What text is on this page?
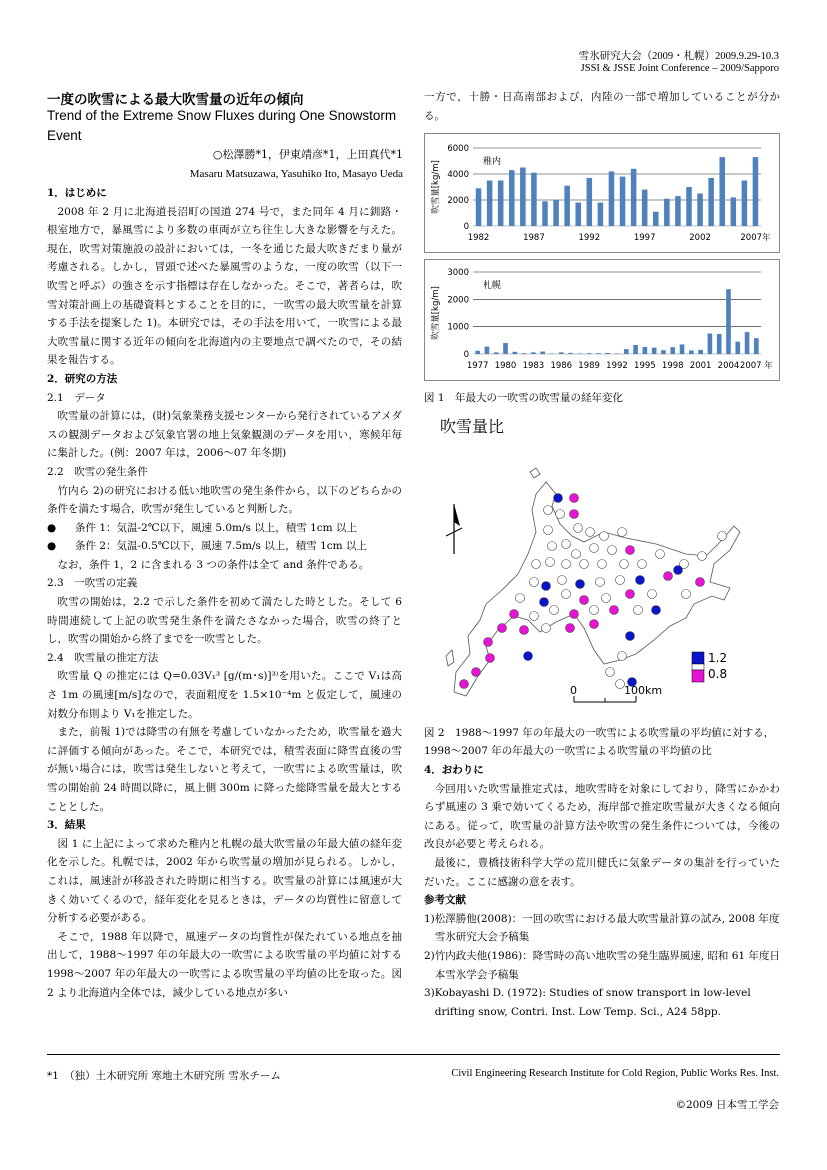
雪氷研究大会（2009・札幌）2009.9.29-10.3
JSSI & JSSE Joint Conference – 2009/Sapporo
一度の吹雪による最大吹雪量の近年の傾向
Trend of the Extreme Snow Fluxes during One Snowstorm Event
○松澤勝*1，伊東靖彦*1，上田真代*1
Masaru Matsuzawa, Yasuhiko Ito, Masayo Ueda
1．はじめに

2008 年 2 月に北海道長沼町の国道 274 号で，また同年 4 月に釧路・根室地方で，暴風雪により多数の車両が立ち往生し大きな影響を与えた。現在，吹雪対策施設の設計においては，一冬を通じた最大吹きだまり量が考慮される。しかし，冒頭で述べた暴風雪のような，一度の吹雪（以下一吹雪と呼ぶ）の強さを示す指標は存在しなかった。そこで，著者らは，吹雪対策計画上の基礎資料とすることを目的に，一吹雪の最大吹雪量を計算する手法を提案した 1)。本研究では，その手法を用いて，一吹雪による最大吹雪量に関する近年の傾向を北海道内の主要地点で調べたので，その結果を報告する。

2．研究の方法
2.1　データ

吹雪量の計算には，(財)気象業務支援センターから発行されているアメダスの観測データおよび気象官署の地上気象観測のデータを用い，寒候年毎に集計した。(例：2007 年は，2006～07 年冬期)

2.2　吹雪の発生条件

竹内ら 2)の研究における低い地吹雪の発生条件から，以下のどちらかの条件を満たす場合，吹雪が発生していると判断した。

●	条件 1：気温-2℃以下，風速 5.0m/s 以上，積雪 1cm 以上
●	条件 2：気温-0.5℃以下，風速 7.5m/s 以上，積雪 1cm 以上

なお，条件 1，2 に含まれる 3 つの条件は全て and 条件である。

2.3　一吹雪の定義

吹雪の開始は，2.2 で示した条件を初めて満たした時とした。そして 6 時間連続して上記の吹雪発生条件を満たさなかった場合，吹雪の終了とし，吹雪の開始から終了までを一吹雪とした。

2.4　吹雪量の推定方法

吹雪量 Q の推定には Q=0.03V₁³ [g/(m･s)]³⁾を用いた。ここで V₁は高さ 1m の風速[m/s]なので，表面粗度を 1.5×10⁻⁴m と仮定して，風速の対数分布則より V₁を推定した。

また，前報 1)では降雪の有無を考慮していなかったため，吹雪量を過大に評価する傾向があった。そこで，本研究では，積雪表面に降雪直後の雪が無い場合には，吹雪は発生しないと考えて，一吹雪による吹雪量は，吹雪の開始前 24 時間以降に，風上側 300m に降った総降雪量を最大とすることとした。

3．結果

図 1 に上記によって求めた稚内と札幌の最大吹雪量の年最大値の経年変化を示した。札幌では，2002 年から吹雪量の増加が見られる。しかし，これは，風速計が移設された時期に相当する。吹雪量の計算には風速が大きく効いてくるので，経年変化を見るときは，データの均質性に留意して分析する必要がある。

そこで，1988 年以降で，風速データの均質性が保たれている地点を抽出して，1988～1997 年の年最大の一吹雪による吹雪量の平均値に対する 1998～2007 年の年最大の一吹雪による吹雪量の平均値の比を取った。図 2 より北海道内全体では，減少している地点が多い

一方で，十勝・日高南部および，内陸の一部で増加していることが分かる。

0
2000
4000
6000
1982	1987	1992	1997	2002	2007年
稚内
吹雪量[kg/m]
0
1000
2000
3000
1977 1980 1983 1986 1989 1992 1995 1998 2001 2004 2007 年
札幌
吹雪量[kg/m]
図 1　年最大の一吹雪の吹雪量の経年変化
吹雪量比
1.2
0.8
0	100km
図 2　1988～1997 年の年最大の一吹雪による吹雪量の平均値に対する，1998～2007 年の年最大の一吹雪による吹雪量の平均値の比
4．おわりに

今回用いた吹雪量推定式は，地吹雪時を対象にしており，降雪にかかわらず風速の 3 乗で効いてくるため，海岸部で推定吹雪量が大きくなる傾向にある。従って，吹雪量の計算方法や吹雪の発生条件については，今後の改良が必要と考えられる。

最後に，豊橋技術科学大学の荒川健氏に気象データの集計を行っていただいた。ここに感謝の意を表す。

参考文献
1) 松澤勝他(2008)：一回の吹雪における最大吹雪量計算の試み, 2008 年度雪氷研究大会予稿集
2) 竹内政夫他(1986)：降雪時の高い地吹雪の発生臨界風速, 昭和 61 年度日本雪氷学会予稿集
3) Kobayashi D. (1972): Studies of snow transport in low-level drifting snow, Contri. Inst. Low Temp. Sci., A24 58pp.
*1　（独）土木研究所 寒地土木研究所 雪氷チーム	Civil Engineering Research Institute for Cold Region, Public Works Res. Inst.
©2009 日本雪工学会
